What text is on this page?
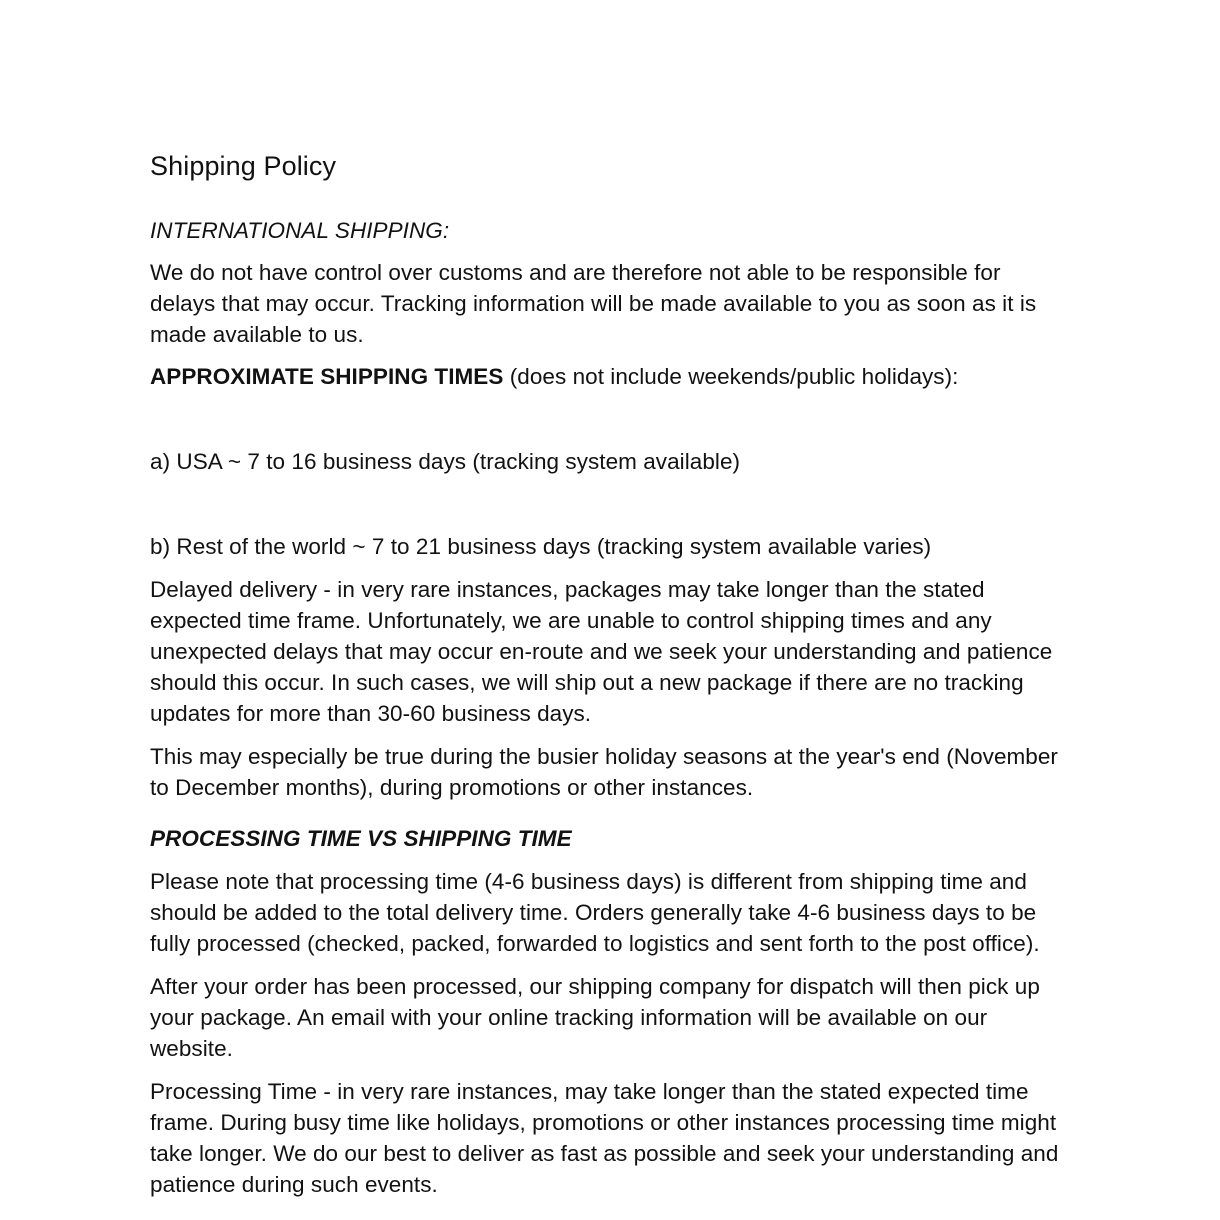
Shipping Policy

INTERNATIONAL SHIPPING:

We do not have control over customs and are therefore not able to be responsible for delays that may occur. Tracking information will be made available to you as soon as it is made available to us.

APPROXIMATE SHIPPING TIMES (does not include weekends/public holidays):

a) USA ~ 7 to 16 business days (tracking system available)

b) Rest of the world ~ 7 to 21 business days (tracking system available varies)

Delayed delivery - in very rare instances, packages may take longer than the stated expected time frame. Unfortunately, we are unable to control shipping times and any unexpected delays that may occur en-route and we seek your understanding and patience should this occur. In such cases, we will ship out a new package if there are no tracking updates for more than 30-60 business days.

This may especially be true during the busier holiday seasons at the year's end (November to December months), during promotions or other instances.

PROCESSING TIME VS SHIPPING TIME

Please note that processing time (4-6 business days) is different from shipping time and should be added to the total delivery time. Orders generally take 4-6 business days to be fully processed (checked, packed, forwarded to logistics and sent forth to the post office).

After your order has been processed, our shipping company for dispatch will then pick up your package. An email with your online tracking information will be available on our website.

Processing Time - in very rare instances, may take longer than the stated expected time frame. During busy time like holidays, promotions or other instances processing time might take longer. We do our best to deliver as fast as possible and seek your understanding and patience during such events.
